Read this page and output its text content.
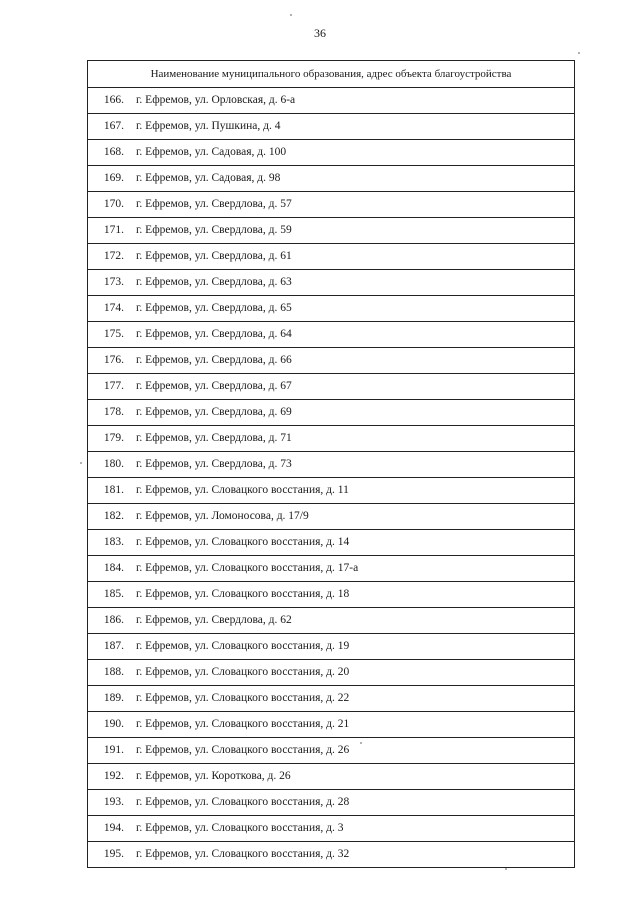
36
Наименование муниципального образования, адрес объекта благоустройства
166.	г. Ефремов, ул. Орловская, д. 6-а
167.	г. Ефремов, ул. Пушкина, д. 4
168.	г. Ефремов, ул. Садовая, д. 100
169.	г. Ефремов, ул. Садовая, д. 98
170.	г. Ефремов, ул. Свердлова, д. 57
171.	г. Ефремов, ул. Свердлова, д. 59
172.	г. Ефремов, ул. Свердлова, д. 61
173.	г. Ефремов, ул. Свердлова, д. 63
174.	г. Ефремов, ул. Свердлова, д. 65
175.	г. Ефремов, ул. Свердлова, д. 64
176.	г. Ефремов, ул. Свердлова, д. 66
177.	г. Ефремов, ул. Свердлова, д. 67
178.	г. Ефремов, ул. Свердлова, д. 69
179.	г. Ефремов, ул. Свердлова, д. 71
180.	г. Ефремов, ул. Свердлова, д. 73
181.	г. Ефремов, ул. Словацкого восстания, д. 11
182.	г. Ефремов, ул. Ломоносова, д. 17/9
183.	г. Ефремов, ул. Словацкого восстания, д. 14
184.	г. Ефремов, ул. Словацкого восстания, д. 17-а
185.	г. Ефремов, ул. Словацкого восстания, д. 18
186.	г. Ефремов, ул. Свердлова, д. 62
187.	г. Ефремов, ул. Словацкого восстания, д. 19
188.	г. Ефремов, ул. Словацкого восстания, д. 20
189.	г. Ефремов, ул. Словацкого восстания, д. 22
190.	г. Ефремов, ул. Словацкого восстания, д. 21
191.	г. Ефремов, ул. Словацкого восстания, д. 26
192.	г. Ефремов, ул. Короткова, д. 26
193.	г. Ефремов, ул. Словацкого восстания, д. 28
194.	г. Ефремов, ул. Словацкого восстания, д. 3
195.	г. Ефремов, ул. Словацкого восстания, д. 32
